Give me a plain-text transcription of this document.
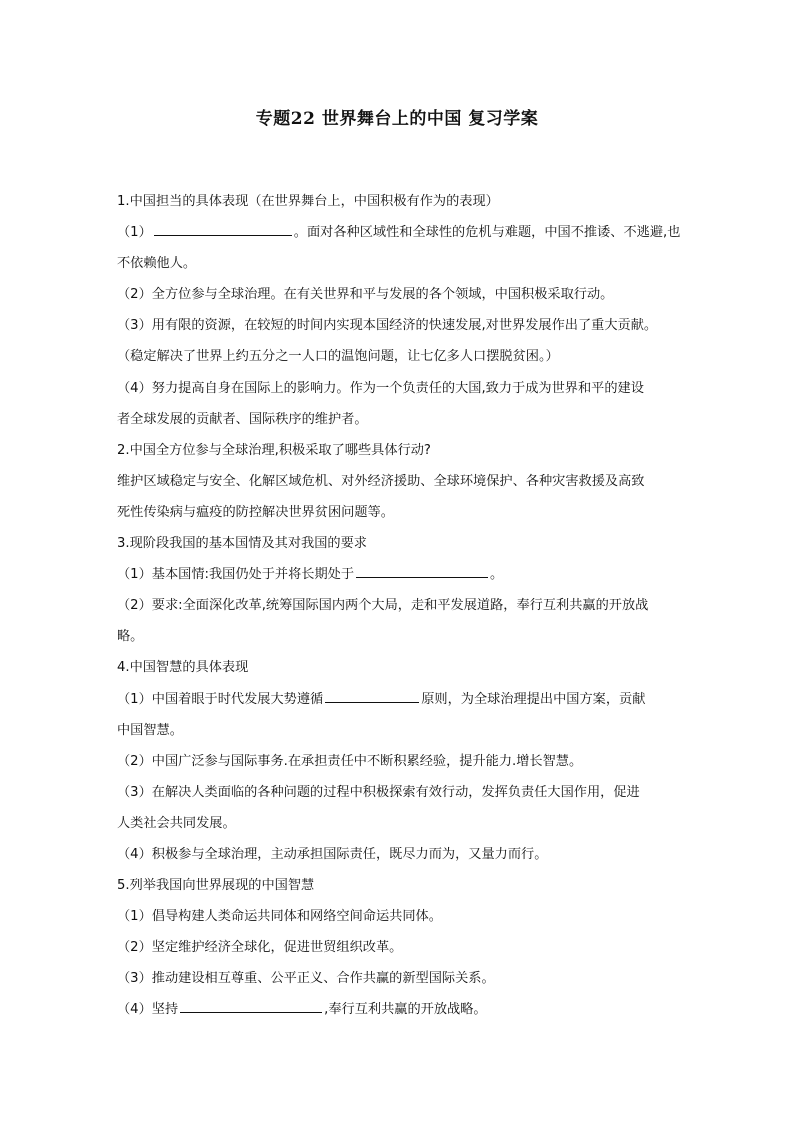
专题22 世界舞台上的中国 复习学案
1.中国担当的具体表现（在世界舞台上，中国积极有作为的表现）
（1）	。面对各种区域性和全球性的危机与难题，中国不推诿、不逃避,也
不依赖他人。
（2）全方位参与全球治理。在有关世界和平与发展的各个领域，中国积极采取行动。
（3）用有限的资源，在较短的时间内实现本国经济的快速发展,对世界发展作出了重大贡献。
（稳定解决了世界上约五分之一人口的温饱问题，让七亿多人口摆脱贫困。）
（4）努力提高自身在国际上的影响力。作为一个负责任的大国,致力于成为世界和平的建设
者全球发展的贡献者、国际秩序的维护者。
2.中国全方位参与全球治理,积极采取了哪些具体行动?
维护区域稳定与安全、化解区域危机、对外经济援助、全球环境保护、各种灾害救援及高致
死性传染病与瘟疫的防控解决世界贫困问题等。
3.现阶段我国的基本国情及其对我国的要求
（1）基本国情:我国仍处于并将长期处于	。
（2）要求:全面深化改革,统筹国际国内两个大局，走和平发展道路，奉行互利共赢的开放战
略。
4.中国智慧的具体表现
（1）中国着眼于时代发展大势遵循	原则，为全球治理提出中国方案，贡献
中国智慧。
（2）中国广泛参与国际事务.在承担责任中不断积累经验，提升能力.增长智慧。
（3）在解决人类面临的各种问题的过程中积极探索有效行动，发挥负责任大国作用，促进
人类社会共同发展。
（4）积极参与全球治理，主动承担国际责任，既尽力而为，又量力而行。
5.列举我国向世界展现的中国智慧
（1）倡导构建人类命运共同体和网络空间命运共同体。
（2）坚定维护经济全球化，促进世贸组织改革。
（3）推动建设相互尊重、公平正义、合作共赢的新型国际关系。
（4）坚持	,奉行互利共赢的开放战略。
